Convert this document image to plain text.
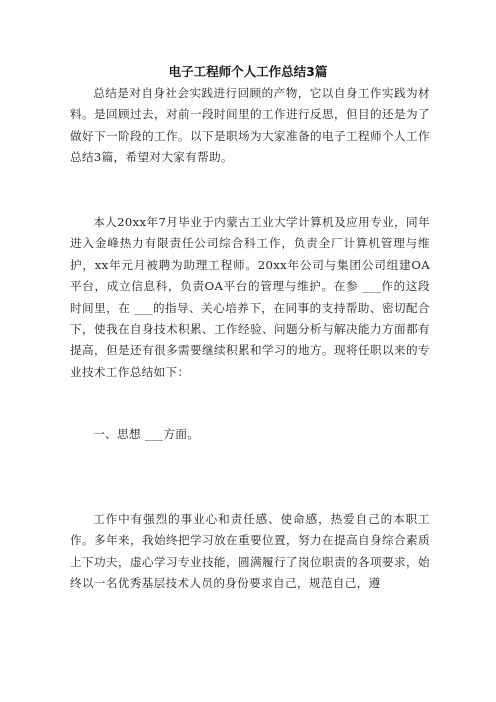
电子工程师个人工作总结3篇

总结是对自身社会实践进行回顾的产物，它以自身工作实践为材料。是回顾过去，对前一段时间里的工作进行反思，但目的还是为了做好下一阶段的工作。以下是职场为大家准备的电子工程师个人工作总结3篇，希望对大家有帮助。

本人20xx年7月毕业于内蒙古工业大学计算机及应用专业，同年进入金峰热力有限责任公司综合科工作，负责全厂计算机管理与维护，xx年元月被聘为助理工程师。20xx年公司与集团公司组建OA平台，成立信息科，负责OA平台的管理与维护。在参 ___作的这段时间里，在 ___的指导、关心培养下，在同事的支持帮助、密切配合下，使我在自身技术积累、工作经验、问题分析与解决能力方面都有提高，但是还有很多需要继续积累和学习的地方。现将任职以来的专业技术工作总结如下：

一、思想 ___方面。

工作中有强烈的事业心和责任感、使命感，热爱自己的本职工作。多年来，我始终把学习放在重要位置，努力在提高自身综合素质上下功夫，虚心学习专业技能，圆满履行了岗位职责的各项要求，始终以一名优秀基层技术人员的身份要求自己，规范自己，遵
